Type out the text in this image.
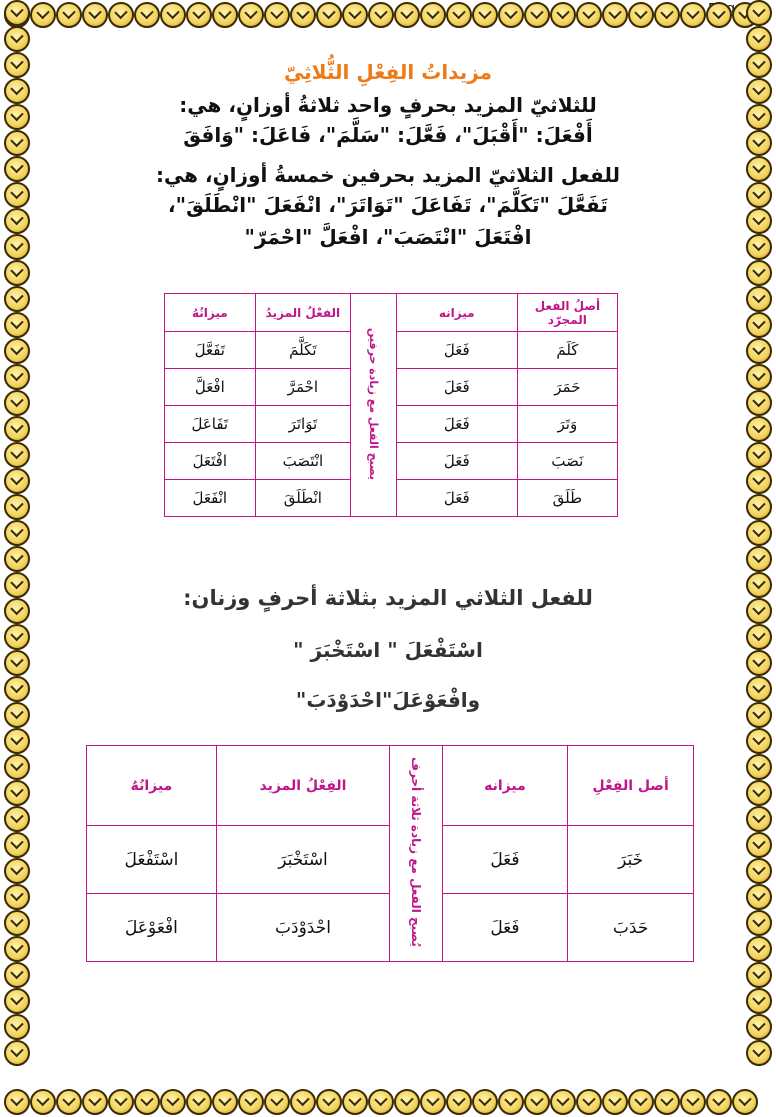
مزيداتُ الفِعْلِ الثُّلاثِيّ
للثلاثيّ المزيد بحرفٍ واحد ثلاثةُ أوزانٍ، هي:
أَفْعَلَ: "أَقْبَلَ"، فَعَّلَ: "سَلَّمَ"، فَاعَلَ: "وَافَقَ
للفعل الثلاثيّ المزيد بحرفين خمسةُ أوزانٍ، هي:
تَفَعَّلَ "تَكَلَّمَ"، تَفَاعَلَ "تَوَاتَرَ"، انْفَعَلَ "انْطَلَقَ"،
افْتَعَلَ "انْتَصَبَ"، افْعَلَّ "احْمَرّ"
أصلُ الفعل المجرّد	ميزانه	يصبح الفعل مع زيادة حرفين	الفعْلُ المزيدُ	ميزانُهُ
كَلَمَ	فَعَلَ		تَكَلَّمَ	تَفَعَّلَ
حَمَرَ	فَعَلَ		احْمَرَّ	افْعَلَّ
وَتَرَ	فَعَلَ		تَوَاتَرَ	تَفَاعَلَ
نَصَبَ	فَعَلَ		انْتَصَبَ	افْتَعَلَ
طَلَقَ	فَعَلَ		انْطَلَقَ	انْفَعَلَ
للفعل الثلاثي المزيد بثلاثة أحرفٍ وزنان:
اسْتَفْعَلَ " اسْتَخْبَرَ "
وافْعَوْعَلَ"احْدَوْدَبَ"
أصل الفِعْلِ	ميزانه	يُصبح الفعل مع زيادة ثلاثة أحرف	الفِعْلُ المزيد	ميزانُهُ
خَبَرَ	فَعَلَ		اسْتَخْبَرَ	اسْتَفْعَلَ
حَدَبَ	فَعَلَ		احْدَوْدَبَ	افْعَوْعَلَ
